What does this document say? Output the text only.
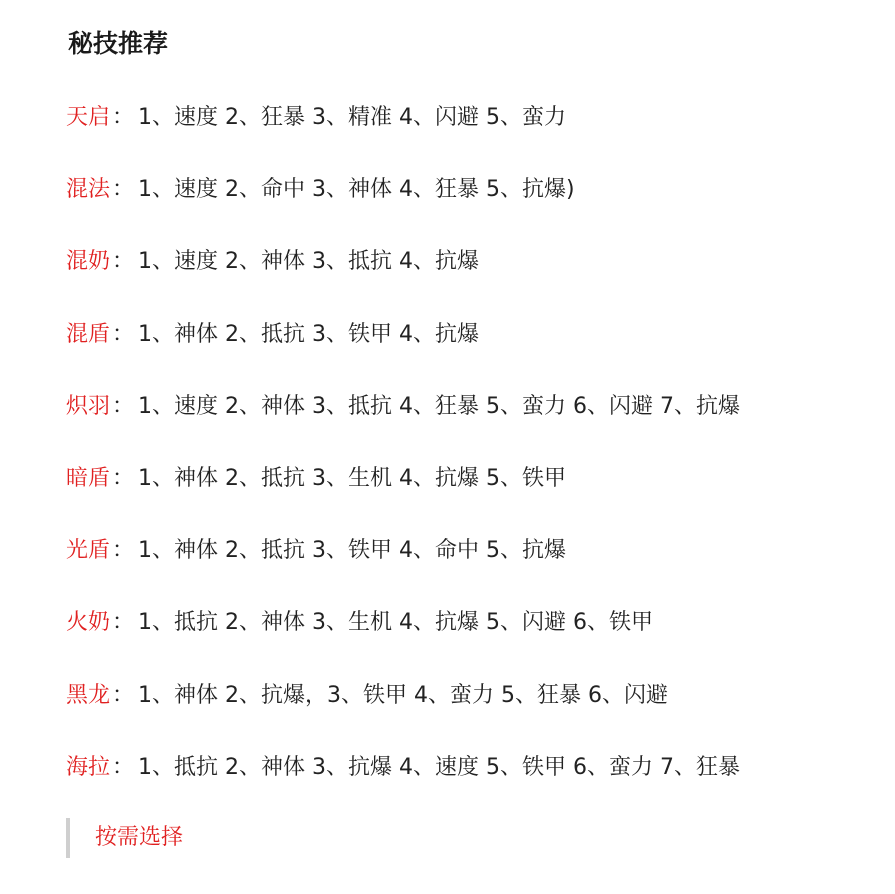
秘技推荐
天启： 1、速度 2、狂暴 3、精准 4、闪避 5、蛮力
混法： 1、速度 2、命中 3、神体 4、狂暴 5、抗爆)
混奶： 1、速度 2、神体 3、抵抗 4、抗爆
混盾： 1、神体 2、抵抗 3、铁甲 4、抗爆
炽羽： 1、速度 2、神体 3、抵抗 4、狂暴 5、蛮力 6、闪避 7、抗爆
暗盾： 1、神体 2、抵抗 3、生机 4、抗爆 5、铁甲
光盾： 1、神体 2、抵抗 3、铁甲 4、命中 5、抗爆
火奶： 1、抵抗 2、神体 3、生机 4、抗爆 5、闪避 6、铁甲
黑龙： 1、神体 2、抗爆，3、铁甲 4、蛮力 5、狂暴 6、闪避
海拉： 1、抵抗 2、神体 3、抗爆 4、速度 5、铁甲 6、蛮力 7、狂暴
按需选择
